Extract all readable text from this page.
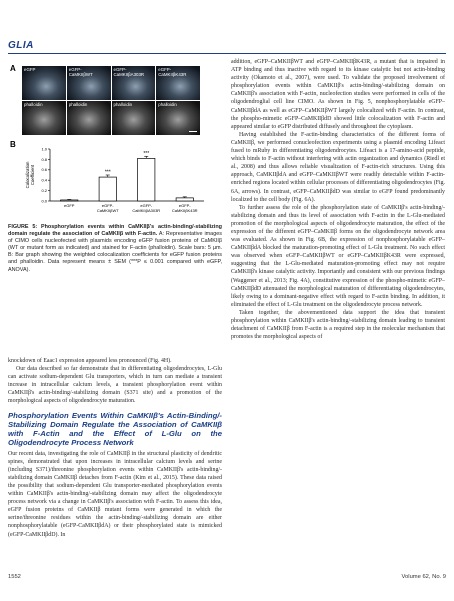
GLIA
A eGFP	eGFP-
CaMKIIβWT
eGFP-
CaMKIIβA303R
eGFP-
CaMKIIβK43R
phalloidin	phalloidin	phalloidin	phalloidin
B
0.0
0.2
0.4
0.6
0.8
1.0
Colocalization Coefficient
eGFP
***
eGFP-
CaMKIIβWT
***
eGFP-
CaMKIIβA303R
eGFP-
CaMKIIβK43R

FIGURE 5: Phosphorylation events within CaMKIIβ's actin-binding/-stabilizing domain regulate the association of CaMKIIβ with F-actin. A: Representative images of CIMO cells nucleofected with plasmids encoding eGFP fusion proteins of CaMKIIβ (WT or mutant form as indicated) and stained for F-actin (phalloidin). Scale bars: 5 µm. B: Bar graph showing the weighted colocalization coefficients for eGFP fusion proteins and phalloidin. Data represent means ± SEM (***P ≤ 0.001 compared with eGFP, ANOVA).

knockdown of Eaac1 expression appeared less pronounced (Fig. 4H).

Our data described so far demonstrate that in differentiating oligodendrocytes, L-Glu can activate sodium-dependent Glu transporters, which in turn can mediate a transient increase in intracellular calcium levels, a transient phosphorylation event within CaMKIIβ's actin-binding/-stabilizing domain (S371 site) and a promotion of the morphological aspects of oligodendrocyte maturation.

Phosphorylation Events Within CaMKIIβ's Actin-Binding/-Stabilizing Domain Regulate the Association of CaMKIIβ with F-Actin and the Effect of L-Glu on the Oligodendrocyte Process Network

Our recent data, investigating the role of CaMKIIβ in the structural plasticity of dendritic spines, demonstrated that upon increases in intracellular calcium levels and serine (including S371)/threonine phosphorylation events within CaMKIIβ's actin-binding/-stabilizing domain CaMKIIβ detaches from F-actin (Kim et al., 2015). These data raised the possibility that sodium-dependent Glu transporter-mediated phosphorylation events within CaMKIIβ's actin-binding/-stabilizing domain may affect the oligodendrocyte process network via a change in CaMKIIβ's association with F-actin. To assess this idea, eGFP fusion proteins of CaMKIIβ mutant forms were generated in which the serine/threonine residues within the actin-binding/-stabilizing domain are either nonphosphorylatable (eGFP-CaMKIIβdA) or their phosphorylated state is mimicked (eGFP-CaMKIIβdD). In

addition, eGFP–CaMKIIβWT and eGFP–CaMKIIβK43R, a mutant that is impaired in ATP binding and thus inactive with regard to its kinase catalytic but not actin-binding activity (Okamoto et al., 2007), were used. To validate the proposed involvement of phosphorylation events within CaMKIIβ's actin-binding/-stabilizing domain on CaMKIIβ's association with F-actin, nucleofection studies were performed in cells of the oligodendroglial cell line CIMO. As shown in Fig. 5, nonphosphorylatable eGFP–CaMKIIβdA as well as eGFP–CaMKIIβWT largely colocalized with F-actin. In contrast, the phospho-mimetic eGFP–CaMKIIβdD showed little colocalization with F-actin and appeared similar to eGFP distributed diffusely and throughout the cytoplasm.

Having established the F-actin-binding characteristics of the different forms of CaMKIIβ, we performed conucleofection experiments using a plasmid encoding Lifeact fused to mRuby in differentiating oligodendrocytes. Lifeact is a 17-amino-acid peptide, which binds to F-actin without interfering with actin organization and dynamics (Riedl et al., 2008) and thus allows reliable visualization of F-actin-rich structures. Using this approach, CaMKIIβdA and eGFP–CaMKIIβWT were readily detectable within F-actin-enriched regions located within cellular processes of differentiating oligodendrocytes (Fig. 6A, arrows). In contrast, eGFP–CaMKIIβdD was similar to eGFP found predominantly localized to the cell body (Fig. 6A).

To further assess the role of the phosphorylation state of CaMKIIβ's actin-binding/-stabilizing domain and thus its level of association with F-actin in the L-Glu-mediated promotion of the morphological aspects of oligodendrocyte maturation, the effect of the expression of the different eGFP–CaMKIIβ forms on the oligodendrocyte network area was evaluated. As shown in Fig. 6B, the expression of nonphosphorylatable eGFP–CaMKIIβdA blocked the maturation-promoting effect of L-Glu treatment. No such effect was observed when eGFP–CaMKIIβWT or eGFP–CaMKIIβK43R were expressed, suggesting that the L-Glu-mediated maturation-promoting effect may not require CaMKIIβ's kinase catalytic activity. Importantly and consistent with our previous findings (Waggener et al., 2013; Fig. 4A), constitutive expression of the phospho-mimetic eGFP–CaMKIIβdD attenuated the morphological maturation of differentiating oligodendrocytes, likely owing to a dominant-negative effect with regard to F-actin binding. In addition, it eliminated the effect of L-Glu treatment on the oligodendrocyte process network.

Taken together, the abovementioned data support the idea that transient phosphorylation within CaMKIIβ's actin-binding/-stabilizing domain leading to transient detachment of CaMKIIβ from F-actin is a required step in the molecular mechanism that promotes the morphological aspects of

1552	Volume 62, No. 9
